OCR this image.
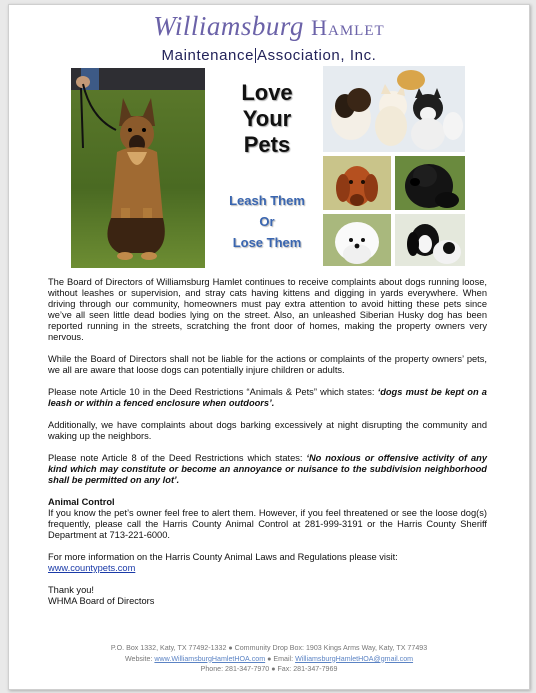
Williamsburg Hamlet
Maintenance Association, Inc.
Love
Your
Pets
Leash Them
Or
Lose Them

The Board of Directors of Williamsburg Hamlet continues to receive complaints about dogs running loose, without leashes or supervision, and stray cats having kittens and digging in yards everywhere. When driving through our community, homeowners must pay extra attention to avoid hitting these pets since we’ve all seen little dead bodies lying on the street. Also, an unleashed Siberian Husky dog has been reported running in the streets, scratching the front door of homes, making the property owners very nervous.

While the Board of Directors shall not be liable for the actions or complaints of the property owners’ pets, we all are aware that loose dogs can potentially injure children or adults.

Please note Article 10 in the Deed Restrictions “Animals & Pets” which states: ‘dogs must be kept on a leash or within a fenced enclosure when outdoors’.

Additionally, we have complaints about dogs barking excessively at night disrupting the community and waking up the neighbors.

Please note Article 8 of the Deed Restrictions which states: ‘No noxious or offensive activity of any kind which may constitute or become an annoyance or nuisance to the subdivision neighborhood shall be permitted on any lot’.

Animal Control

If you know the pet’s owner feel free to alert them. However, if you feel threatened or see the loose dog(s) frequently, please call the Harris County Animal Control at 281-999-3191 or the Harris County Sheriff Department at 713-221-6000.

For more information on the Harris County Animal Laws and Regulations please visit:
www.countypets.com

Thank you!

WHMA Board of Directors

P.O. Box 1332, Katy, TX 77492-1332 ● Community Drop Box: 1903 Kings Arms Way, Katy, TX 77493
Website: www.WilliamsburgHamletHOA.com ● Email: WilliamsburgHamletHOA@gmail.com
Phone: 281-347-7970 ● Fax: 281-347-7969
